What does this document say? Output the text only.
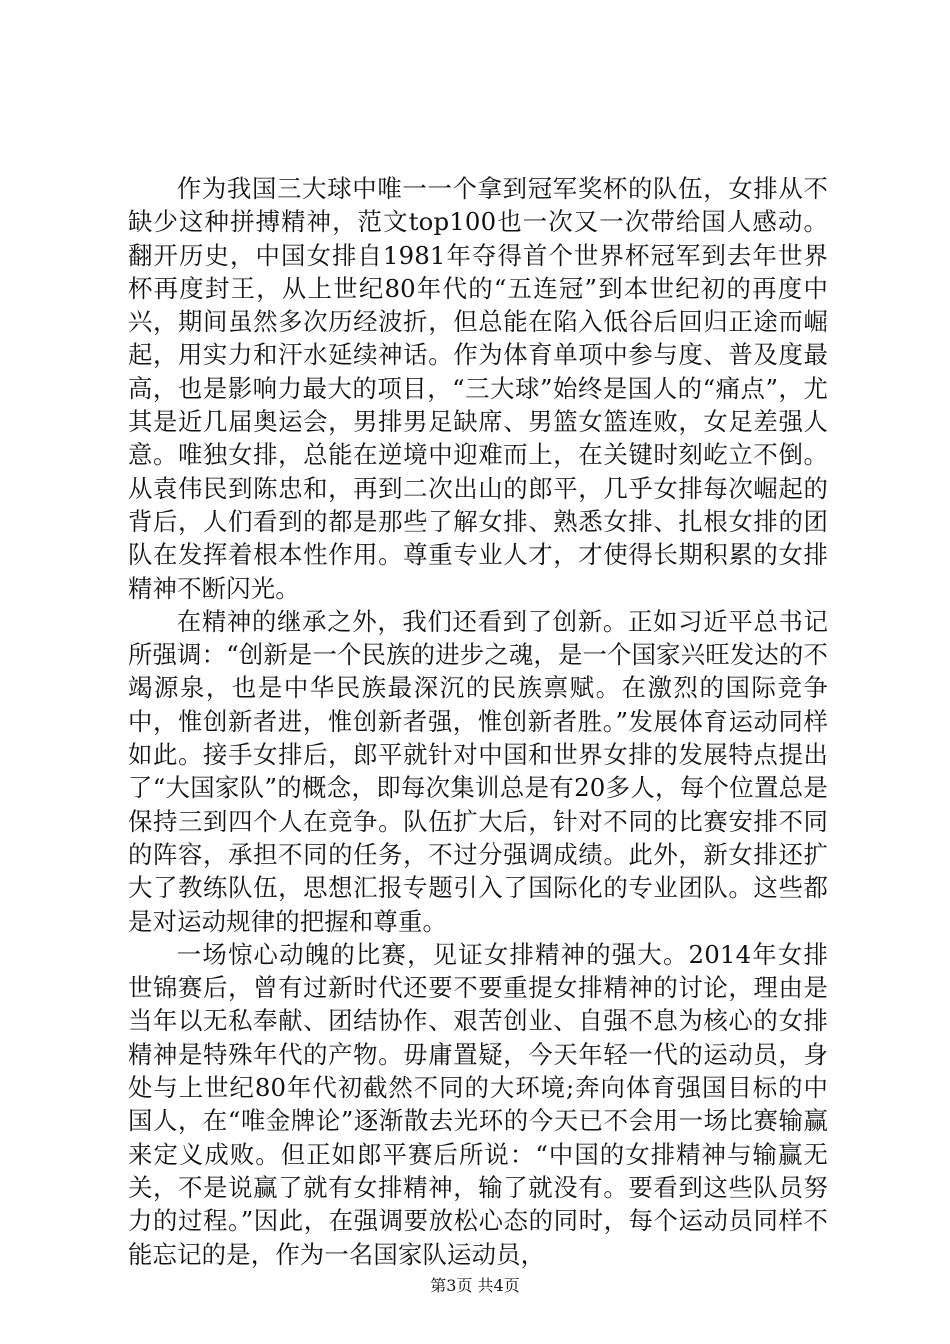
作为我国三大球中唯一一个拿到冠军奖杯的队伍，女排从不缺少这种拼搏精神，范文top100也一次又一次带给国人感动。翻开历史，中国女排自1981年夺得首个世界杯冠军到去年世界杯再度封王，从上世纪80年代的“五连冠”到本世纪初的再度中兴，期间虽然多次历经波折，但总能在陷入低谷后回归正途而崛起，用实力和汗水延续神话。作为体育单项中参与度、普及度最高，也是影响力最大的项目，“三大球”始终是国人的“痛点”，尤其是近几届奥运会，男排男足缺席、男篮女篮连败，女足差强人意。唯独女排，总能在逆境中迎难而上，在关键时刻屹立不倒。从袁伟民到陈忠和，再到二次出山的郎平，几乎女排每次崛起的背后，人们看到的都是那些了解女排、熟悉女排、扎根女排的团队在发挥着根本性作用。尊重专业人才，才使得长期积累的女排精神不断闪光。

在精神的继承之外，我们还看到了创新。正如习近平总书记所强调：“创新是一个民族的进步之魂，是一个国家兴旺发达的不竭源泉，也是中华民族最深沉的民族禀赋。在激烈的国际竞争中，惟创新者进，惟创新者强，惟创新者胜。”发展体育运动同样如此。接手女排后，郎平就针对中国和世界女排的发展特点提出了“大国家队”的概念，即每次集训总是有20多人，每个位置总是保持三到四个人在竞争。队伍扩大后，针对不同的比赛安排不同的阵容，承担不同的任务，不过分强调成绩。此外，新女排还扩大了教练队伍，思想汇报专题引入了国际化的专业团队。这些都是对运动规律的把握和尊重。

一场惊心动魄的比赛，见证女排精神的强大。2014年女排世锦赛后，曾有过新时代还要不要重提女排精神的讨论，理由是当年以无私奉献、团结协作、艰苦创业、自强不息为核心的女排精神是特殊年代的产物。毋庸置疑，今天年轻一代的运动员，身处与上世纪80年代初截然不同的大环境;奔向体育强国目标的中国人，在“唯金牌论”逐渐散去光环的今天已不会用一场比赛输赢来定义成败。但正如郎平赛后所说：“中国的女排精神与输赢无关，不是说赢了就有女排精神，输了就没有。要看到这些队员努力的过程。”因此，在强调要放松心态的同时，每个运动员同样不能忘记的是，作为一名国家队运动员，

第3页 共4页
